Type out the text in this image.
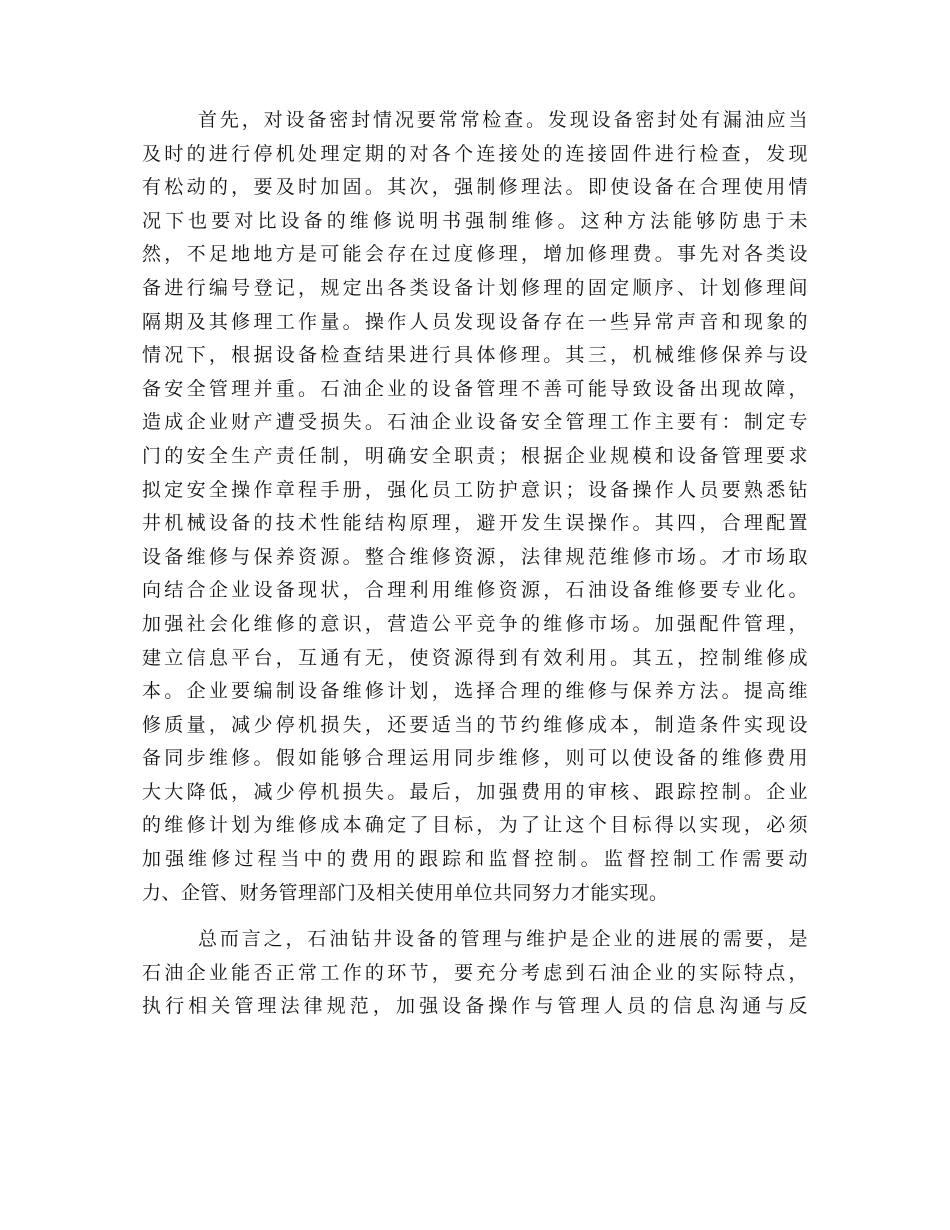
首先，对设备密封情况要常常检查。发现设备密封处有漏油应当
及时的进行停机处理定期的对各个连接处的连接固件进行检查，发现
有松动的，要及时加固。其次，强制修理法。即使设备在合理使用情
况下也要对比设备的维修说明书强制维修。这种方法能够防患于未
然，不足地地方是可能会存在过度修理，增加修理费。事先对各类设
备进行编号登记，规定出各类设备计划修理的固定顺序、计划修理间
隔期及其修理工作量。操作人员发现设备存在一些异常声音和现象的
情况下，根据设备检查结果进行具体修理。其三，机械维修保养与设
备安全管理并重。石油企业的设备管理不善可能导致设备出现故障，
造成企业财产遭受损失。石油企业设备安全管理工作主要有：制定专
门的安全生产责任制，明确安全职责；根据企业规模和设备管理要求
拟定安全操作章程手册，强化员工防护意识；设备操作人员要熟悉钻
井机械设备的技术性能结构原理，避开发生误操作。其四，合理配置
设备维修与保养资源。整合维修资源，法律规范维修市场。才市场取
向结合企业设备现状，合理利用维修资源，石油设备维修要专业化。
加强社会化维修的意识，营造公平竞争的维修市场。加强配件管理，
建立信息平台，互通有无，使资源得到有效利用。其五，控制维修成
本。企业要编制设备维修计划，选择合理的维修与保养方法。提高维
修质量，减少停机损失，还要适当的节约维修成本，制造条件实现设
备同步维修。假如能够合理运用同步维修，则可以使设备的维修费用
大大降低，减少停机损失。最后，加强费用的审核、跟踪控制。企业
的维修计划为维修成本确定了目标，为了让这个目标得以实现，必须
加强维修过程当中的费用的跟踪和监督控制。监督控制工作需要动
力、企管、财务管理部门及相关使用单位共同努力才能实现。
总而言之，石油钻井设备的管理与维护是企业的进展的需要，是
石油企业能否正常工作的环节，要充分考虑到石油企业的实际特点，
执行相关管理法律规范，加强设备操作与管理人员的信息沟通与反
